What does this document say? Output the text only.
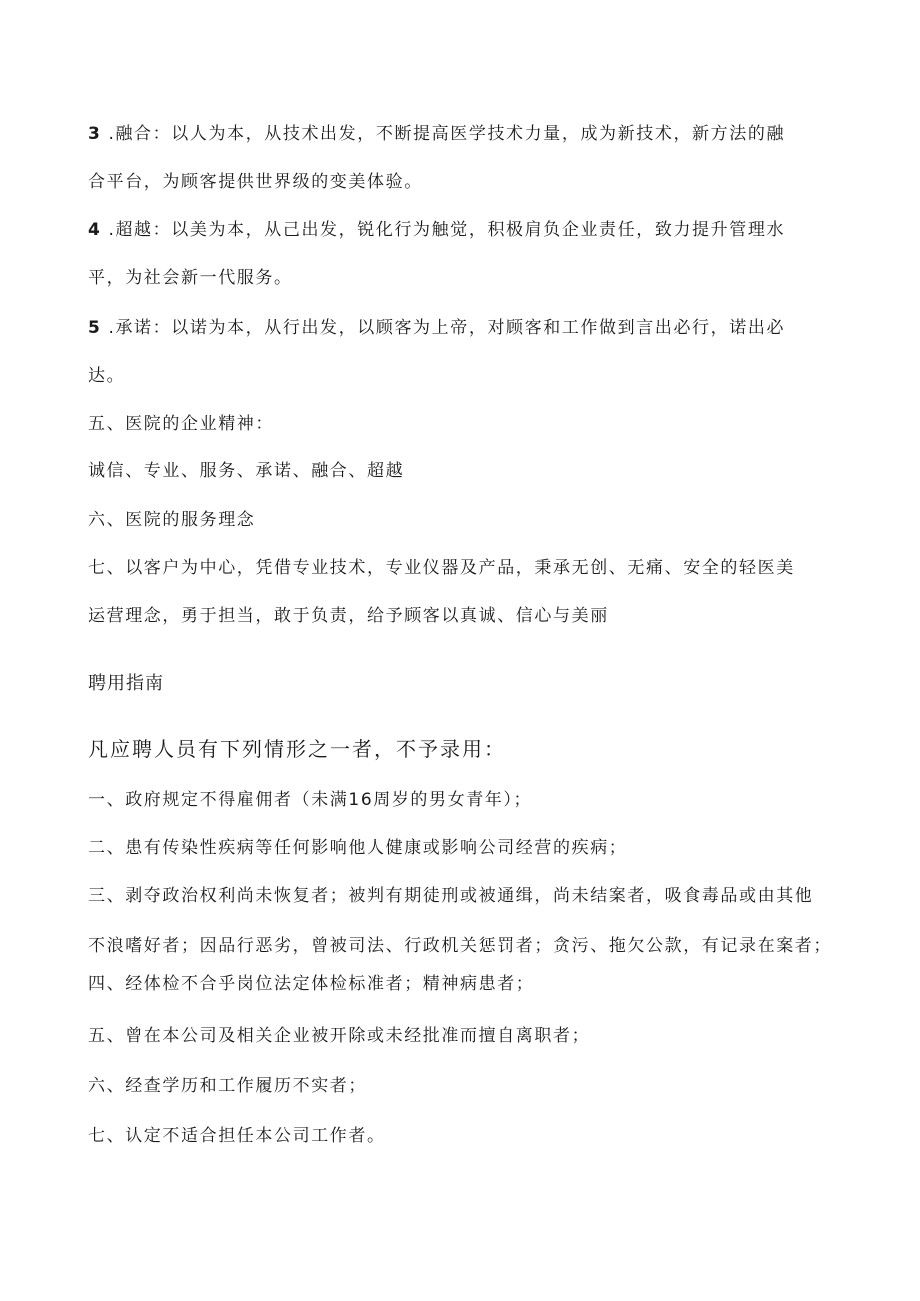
3 .融合：以人为本，从技术出发，不断提高医学技术力量，成为新技术，新方法的融
合平台，为顾客提供世界级的变美体验。
4 .超越：以美为本，从己出发，锐化行为触觉，积极肩负企业责任，致力提升管理水
平，为社会新一代服务。
5 .承诺：以诺为本，从行出发，以顾客为上帝，对顾客和工作做到言出必行，诺出必
达。
五、医院的企业精神：
诚信、专业、服务、承诺、融合、超越
六、医院的服务理念
七、以客户为中心，凭借专业技术，专业仪器及产品，秉承无创、无痛、安全的轻医美
运营理念，勇于担当，敢于负责，给予顾客以真诚、信心与美丽
聘用指南
凡应聘人员有下列情形之一者，不予录用：
一、政府规定不得雇佣者（未满16周岁的男女青年）；
二、患有传染性疾病等任何影响他人健康或影响公司经营的疾病；
三、剥夺政治权利尚未恢复者；被判有期徒刑或被通缉，尚未结案者，吸食毒品或由其他
不浪嗜好者；因品行恶劣，曾被司法、行政机关惩罚者；贪污、拖欠公款，有记录在案者；
四、经体检不合乎岗位法定体检标准者；精神病患者；
五、曾在本公司及相关企业被开除或未经批准而擅自离职者；
六、经查学历和工作履历不实者；
七、认定不适合担任本公司工作者。
